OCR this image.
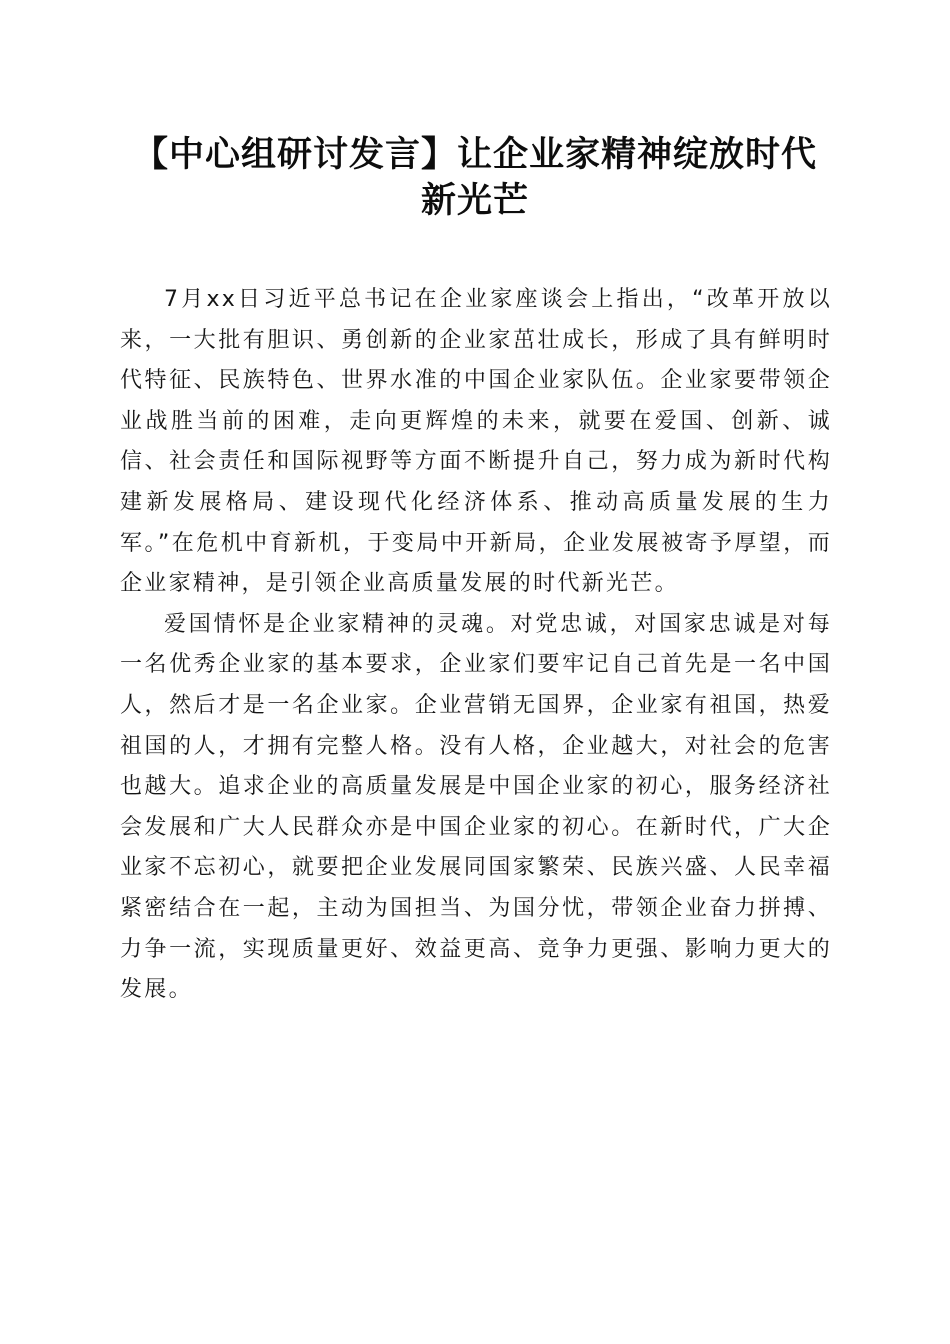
【中心组研讨发言】让企业家精神绽放时代新光芒

7月xx日习近平总书记在企业家座谈会上指出，“改革开放以来，一大批有胆识、勇创新的企业家茁壮成长，形成了具有鲜明时代特征、民族特色、世界水准的中国企业家队伍。企业家要带领企业战胜当前的困难，走向更辉煌的未来，就要在爱国、创新、诚信、社会责任和国际视野等方面不断提升自己，努力成为新时代构建新发展格局、建设现代化经济体系、推动高质量发展的生力军。”在危机中育新机，于变局中开新局，企业发展被寄予厚望，而企业家精神，是引领企业高质量发展的时代新光芒。

爱国情怀是企业家精神的灵魂。对党忠诚，对国家忠诚是对每一名优秀企业家的基本要求，企业家们要牢记自己首先是一名中国人，然后才是一名企业家。企业营销无国界，企业家有祖国，热爱祖国的人，才拥有完整人格。没有人格，企业越大，对社会的危害也越大。追求企业的高质量发展是中国企业家的初心，服务经济社会发展和广大人民群众亦是中国企业家的初心。在新时代，广大企业家不忘初心，就要把企业发展同国家繁荣、民族兴盛、人民幸福紧密结合在一起，主动为国担当、为国分忧，带领企业奋力拼搏、力争一流，实现质量更好、效益更高、竞争力更强、影响力更大的发展。
